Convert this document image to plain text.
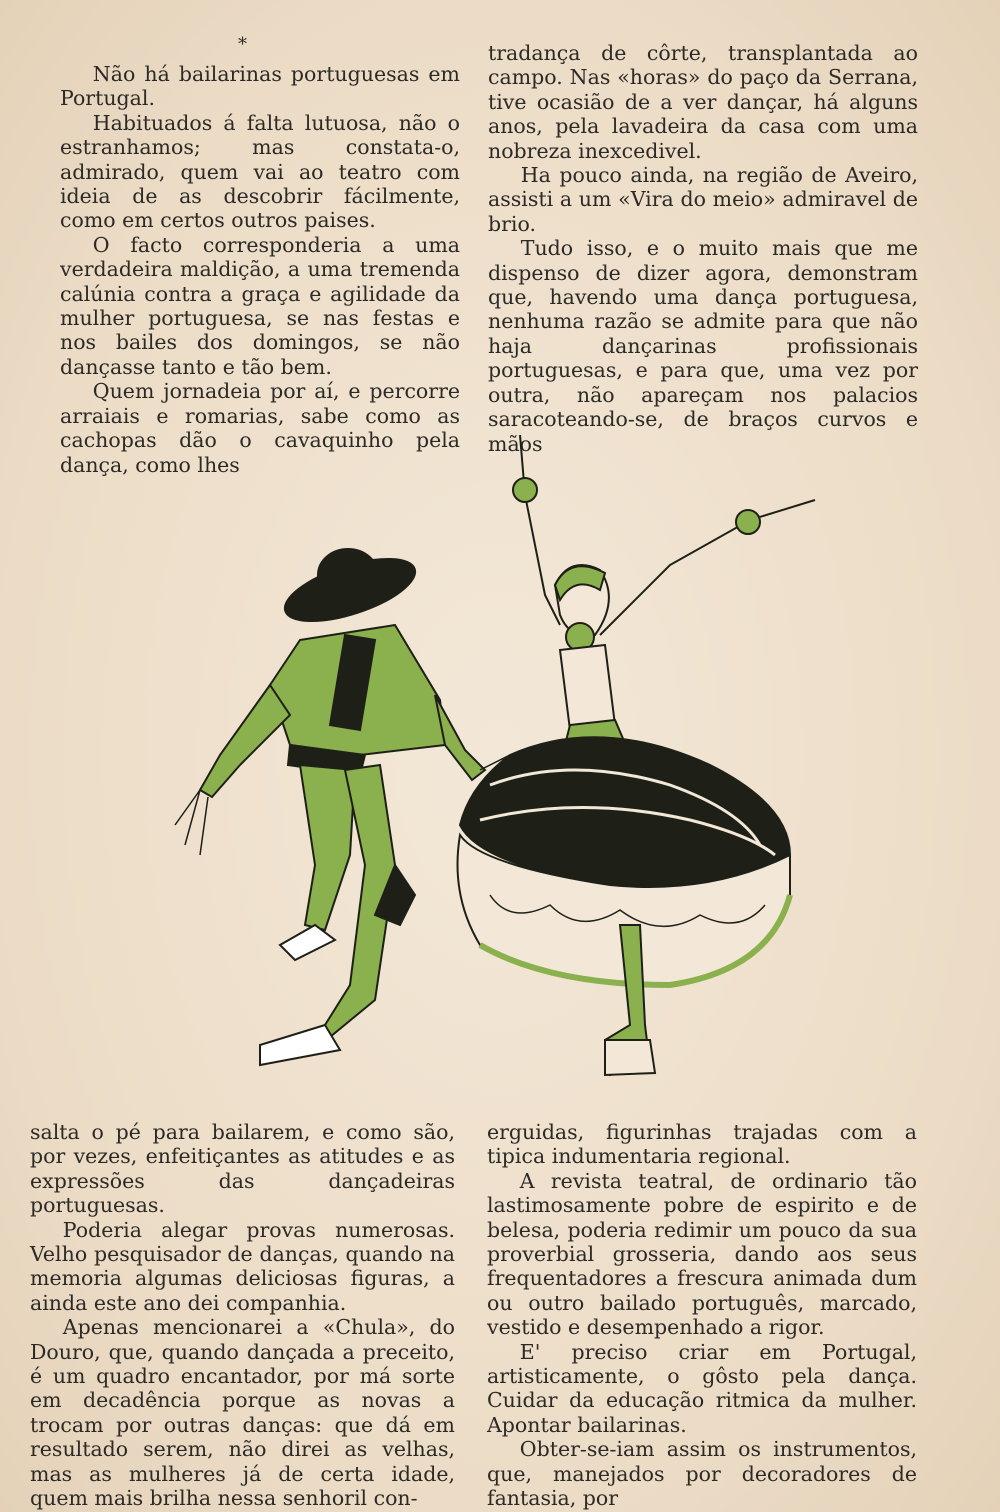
*

Não há bailarinas portuguesas em Portugal.

Habituados á falta lutuosa, não o estranhamos; mas constata-o, admirado, quem vai ao teatro com ideia de as descobrir fácilmente, como em certos outros paises.

O facto corresponderia a uma verdadeira maldição, a uma tremenda calúnia contra a graça e agilidade da mulher portuguesa, se nas festas e nos bailes dos domingos, se não dançasse tanto e tão bem.

Quem jornadeia por aí, e percorre arraiais e romarias, sabe como as cachopas dão o cavaquinho pela dança, como lhes

tradança de côrte, transplantada ao campo. Nas «horas» do paço da Serrana, tive ocasião de a ver dançar, há alguns anos, pela lavadeira da casa com uma nobreza inexcedivel.

Ha pouco ainda, na região de Aveiro, assisti a um «Vira do meio» admiravel de brio.

Tudo isso, e o muito mais que me dispenso de dizer agora, demonstram que, havendo uma dança portuguesa, nenhuma razão se admite para que não haja dançarinas profissionais portuguesas, e para que, uma vez por outra, não apareçam nos palacios saracoteando-se, de braços curvos e mãos

salta o pé para bailarem, e como são, por vezes, enfeitiçantes as atitudes e as expressões das dançadeiras portuguesas.

Poderia alegar provas numerosas. Velho pesquisador de danças, quando na memoria algumas deliciosas figuras, a ainda este ano dei companhia.

Apenas mencionarei a «Chula», do Douro, que, quando dançada a preceito, é um quadro encantador, por má sorte em decadência porque as novas a trocam por outras danças: que dá em resultado serem, não direi as velhas, mas as mulheres já de certa idade, quem mais brilha nessa senhoril con-

erguidas, figurinhas trajadas com a tipica indumentaria regional.

A revista teatral, de ordinario tão lastimosamente pobre de espirito e de belesa, poderia redimir um pouco da sua proverbial grosseria, dando aos seus frequentadores a frescura animada dum ou outro bailado português, marcado, vestido e desempenhado a rigor.

E' preciso criar em Portugal, artisticamente, o gôsto pela dança. Cuidar da educação ritmica da mulher. Apontar bailarinas.

Obter-se-iam assim os instrumentos, que, manejados por decoradores de fantasia, por
